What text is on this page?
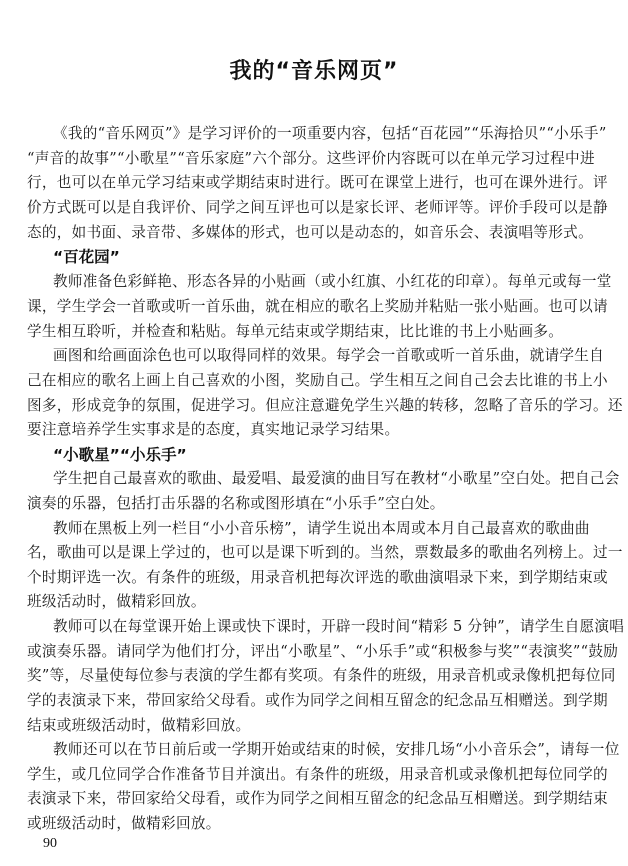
我的“音乐网页”
《我的“音乐网页”》是学习评价的一项重要内容，包括“百花园”“乐海拾贝”“小乐手”
“声音的故事”“小歌星”“音乐家庭”六个部分。这些评价内容既可以在单元学习过程中进
行，也可以在单元学习结束或学期结束时进行。既可在课堂上进行，也可在课外进行。评
价方式既可以是自我评价、同学之间互评也可以是家长评、老师评等。评价手段可以是静
态的，如书面、录音带、多媒体的形式，也可以是动态的，如音乐会、表演唱等形式。
“百花园”
教师准备色彩鲜艳、形态各异的小贴画（或小红旗、小红花的印章）。每单元或每一堂
课，学生学会一首歌或听一首乐曲，就在相应的歌名上奖励并粘贴一张小贴画。也可以请
学生相互聆听，并检查和粘贴。每单元结束或学期结束，比比谁的书上小贴画多。
画图和给画面涂色也可以取得同样的效果。每学会一首歌或听一首乐曲，就请学生自
己在相应的歌名上画上自己喜欢的小图，奖励自己。学生相互之间自己会去比谁的书上小
图多，形成竞争的氛围，促进学习。但应注意避免学生兴趣的转移，忽略了音乐的学习。还
要注意培养学生实事求是的态度，真实地记录学习结果。
“小歌星”“小乐手”
学生把自己最喜欢的歌曲、最爱唱、最爱演的曲目写在教材“小歌星”空白处。把自己会
演奏的乐器，包括打击乐器的名称或图形填在“小乐手”空白处。
教师在黑板上列一栏目“小小音乐榜”，请学生说出本周或本月自己最喜欢的歌曲曲
名，歌曲可以是课上学过的，也可以是课下听到的。当然，票数最多的歌曲名列榜上。过一
个时期评选一次。有条件的班级，用录音机把每次评选的歌曲演唱录下来，到学期结束或
班级活动时，做精彩回放。
教师可以在每堂课开始上课或快下课时，开辟一段时间“精彩 5 分钟”，请学生自愿演唱
或演奏乐器。请同学为他们打分，评出“小歌星”、“小乐手”或“积极参与奖”“表演奖”“鼓励
奖”等，尽量使每位参与表演的学生都有奖项。有条件的班级，用录音机或录像机把每位同
学的表演录下来，带回家给父母看。或作为同学之间相互留念的纪念品互相赠送。到学期
结束或班级活动时，做精彩回放。
教师还可以在节日前后或一学期开始或结束的时候，安排几场“小小音乐会”，请每一位
学生，或几位同学合作准备节目并演出。有条件的班级，用录音机或录像机把每位同学的
表演录下来，带回家给父母看，或作为同学之间相互留念的纪念品互相赠送。到学期结束
或班级活动时，做精彩回放。
90
